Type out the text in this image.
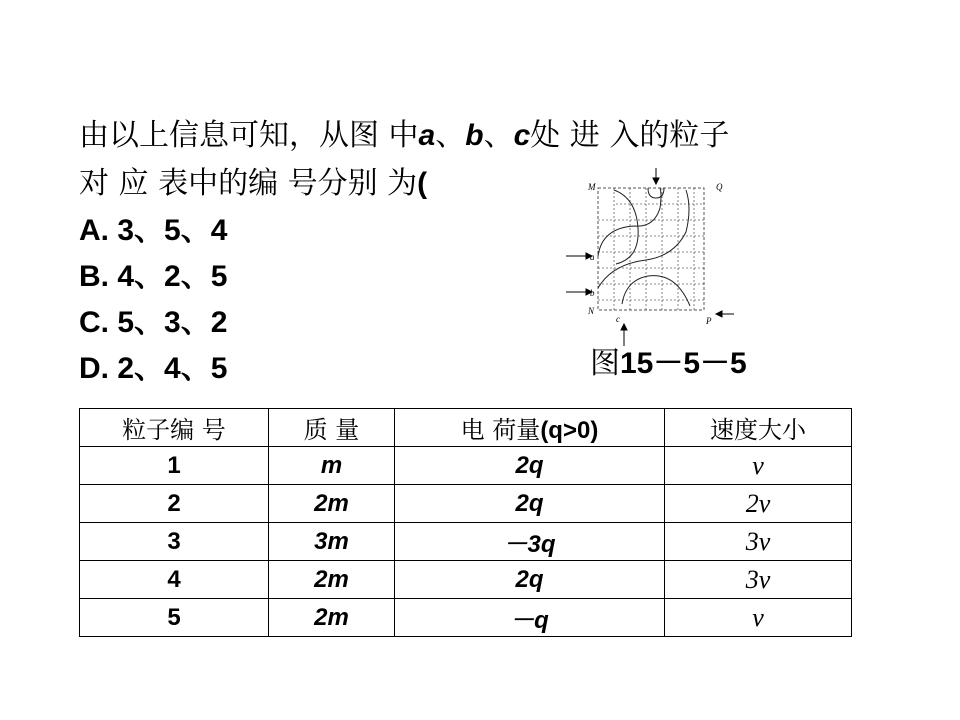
由以上信息可知，从图 中a、b、c处 进 入的粒子
对 应 表中的编 号分别 为(
A. 3、5、4
B. 4、2、5
C. 5、3、2
D. 2、4、5
M	Q
N
P
a
b
c
图15－5－5
粒子编 号	质 量	电 荷量(q>0)	速度大小
1	m	2q	v
2	2m	2q	2v
3	3m	－3q	3v
4	2m	2q	3v
5	2m	－q	v
